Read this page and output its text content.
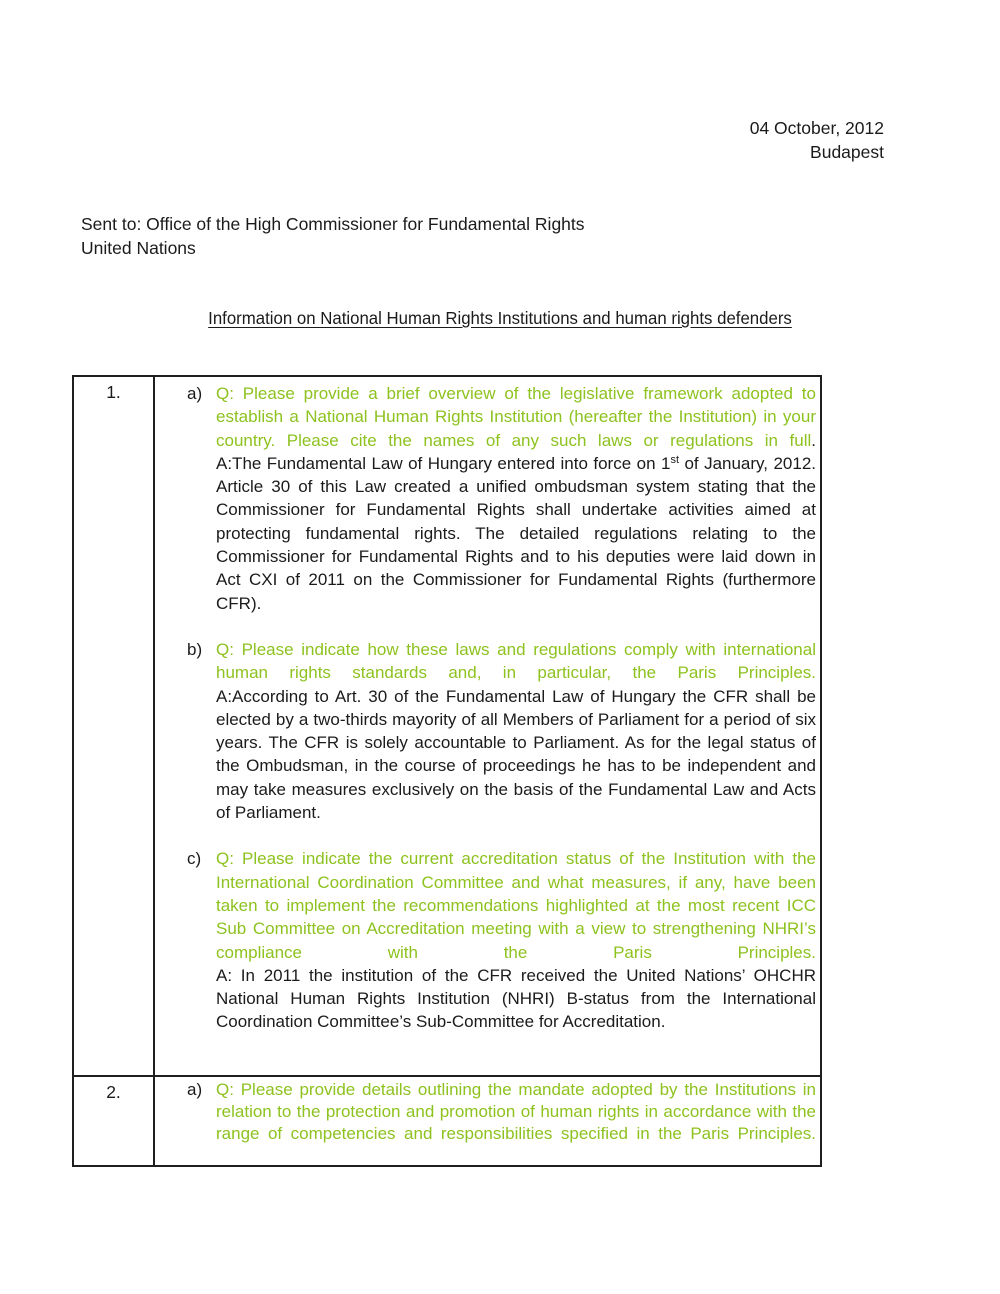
04 October, 2012
Budapest
Sent to: Office of the High Commissioner for Fundamental Rights
United Nations
Information on National Human Rights Institutions and human rights defenders
1.	a) Q: Please provide a brief overview of the legislative framework adopted to establish a National Human Rights Institution (hereafter the Institution) in your country. Please cite the names of any such laws or regulations in full.
A:The Fundamental Law of Hungary entered into force on 1st of January, 2012. Article 30 of this Law created a unified ombudsman system stating that the Commissioner for Fundamental Rights shall undertake activities aimed at protecting fundamental rights. The detailed regulations relating to the Commissioner for Fundamental Rights and to his deputies were laid down in Act CXI of 2011 on the Commissioner for Fundamental Rights (furthermore CFR).
b) Q: Please indicate how these laws and regulations comply with international human rights standards and, in particular, the Paris Principles.
A:According to Art. 30 of the Fundamental Law of Hungary the CFR shall be elected by a two-thirds mayority of all Members of Parliament for a period of six years. The CFR is solely accountable to Parliament. As for the legal status of the Ombudsman, in the course of proceedings he has to be independent and may take measures exclusively on the basis of the Fundamental Law and Acts of Parliament.
c) Q: Please indicate the current accreditation status of the Institution with the International Coordination Committee and what measures, if any, have been taken to implement the recommendations highlighted at the most recent ICC Sub Committee on Accreditation meeting with a view to strengthening NHRI’s compliance with the Paris Principles.
A: In 2011 the institution of the CFR received the United Nations’ OHCHR National Human Rights Institution (NHRI) B-status from the International Coordination Committee’s Sub-Committee for Accreditation.
2.	a) Q: Please provide details outlining the mandate adopted by the Institutions in relation to the protection and promotion of human rights in accordance with the range of competencies and responsibilities specified in the Paris Principles.
